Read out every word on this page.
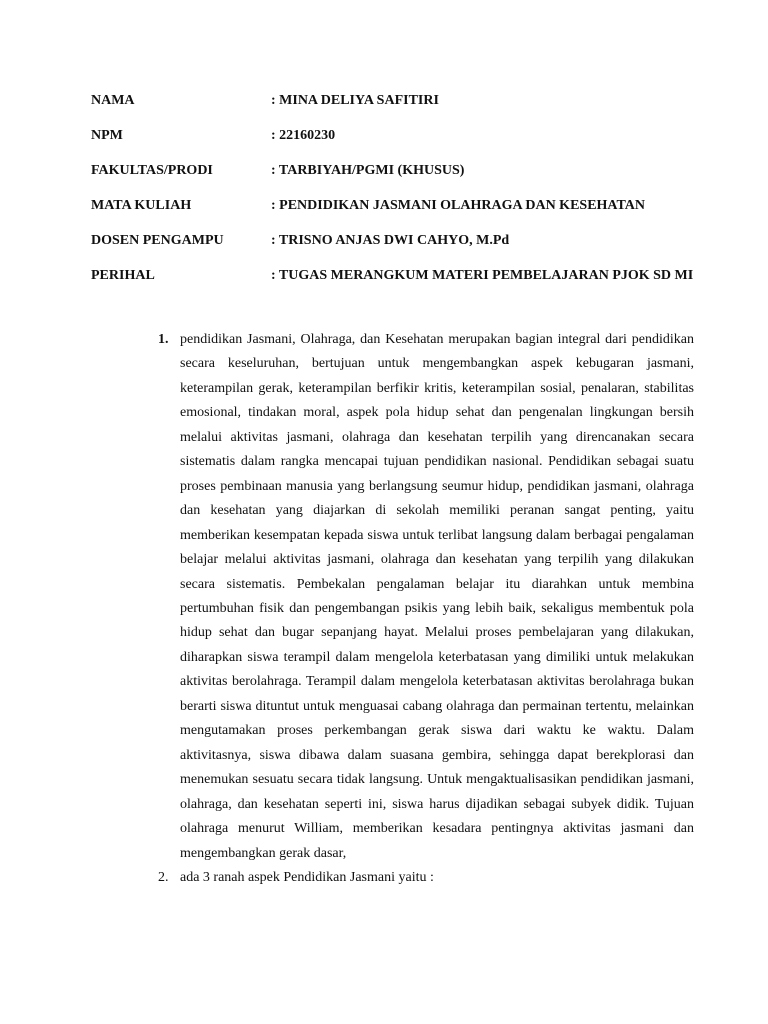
NAMA	: MINA DELIYA SAFITIRI
NPM	: 22160230
FAKULTAS/PRODI	: TARBIYAH/PGMI (KHUSUS)
MATA KULIAH	: PENDIDIKAN JASMANI OLAHRAGA DAN KESEHATAN
DOSEN PENGAMPU	: TRISNO ANJAS DWI CAHYO, M.Pd
PERIHAL	: TUGAS MERANGKUM MATERI PEMBELAJARAN PJOK SD MI
1. pendidikan Jasmani, Olahraga, dan Kesehatan merupakan bagian integral dari pendidikan secara keseluruhan, bertujuan untuk mengembangkan aspek kebugaran jasmani, keterampilan gerak, keterampilan berfikir kritis, keterampilan sosial, penalaran, stabilitas emosional, tindakan moral, aspek pola hidup sehat dan pengenalan lingkungan bersih melalui aktivitas jasmani, olahraga dan kesehatan terpilih yang direncanakan secara sistematis dalam rangka mencapai tujuan pendidikan nasional. Pendidikan sebagai suatu proses pembinaan manusia yang berlangsung seumur hidup, pendidikan jasmani, olahraga dan kesehatan yang diajarkan di sekolah memiliki peranan sangat penting, yaitu memberikan kesempatan kepada siswa untuk terlibat langsung dalam berbagai pengalaman belajar melalui aktivitas jasmani, olahraga dan kesehatan yang terpilih yang dilakukan secara sistematis. Pembekalan pengalaman belajar itu diarahkan untuk membina pertumbuhan fisik dan pengembangan psikis yang lebih baik, sekaligus membentuk pola hidup sehat dan bugar sepanjang hayat. Melalui proses pembelajaran yang dilakukan, diharapkan siswa terampil dalam mengelola keterbatasan yang dimiliki untuk melakukan aktivitas berolahraga. Terampil dalam mengelola keterbatasan aktivitas berolahraga bukan berarti siswa dituntut untuk menguasai cabang olahraga dan permainan tertentu, melainkan mengutamakan proses perkembangan gerak siswa dari waktu ke waktu. Dalam aktivitasnya, siswa dibawa dalam suasana gembira, sehingga dapat berekplorasi dan menemukan sesuatu secara tidak langsung. Untuk mengaktualisasikan pendidikan jasmani, olahraga, dan kesehatan seperti ini, siswa harus dijadikan sebagai subyek didik. Tujuan olahraga menurut William, memberikan kesadara pentingnya aktivitas jasmani dan mengembangkan gerak dasar,
2. ada 3 ranah aspek Pendidikan Jasmani yaitu :
